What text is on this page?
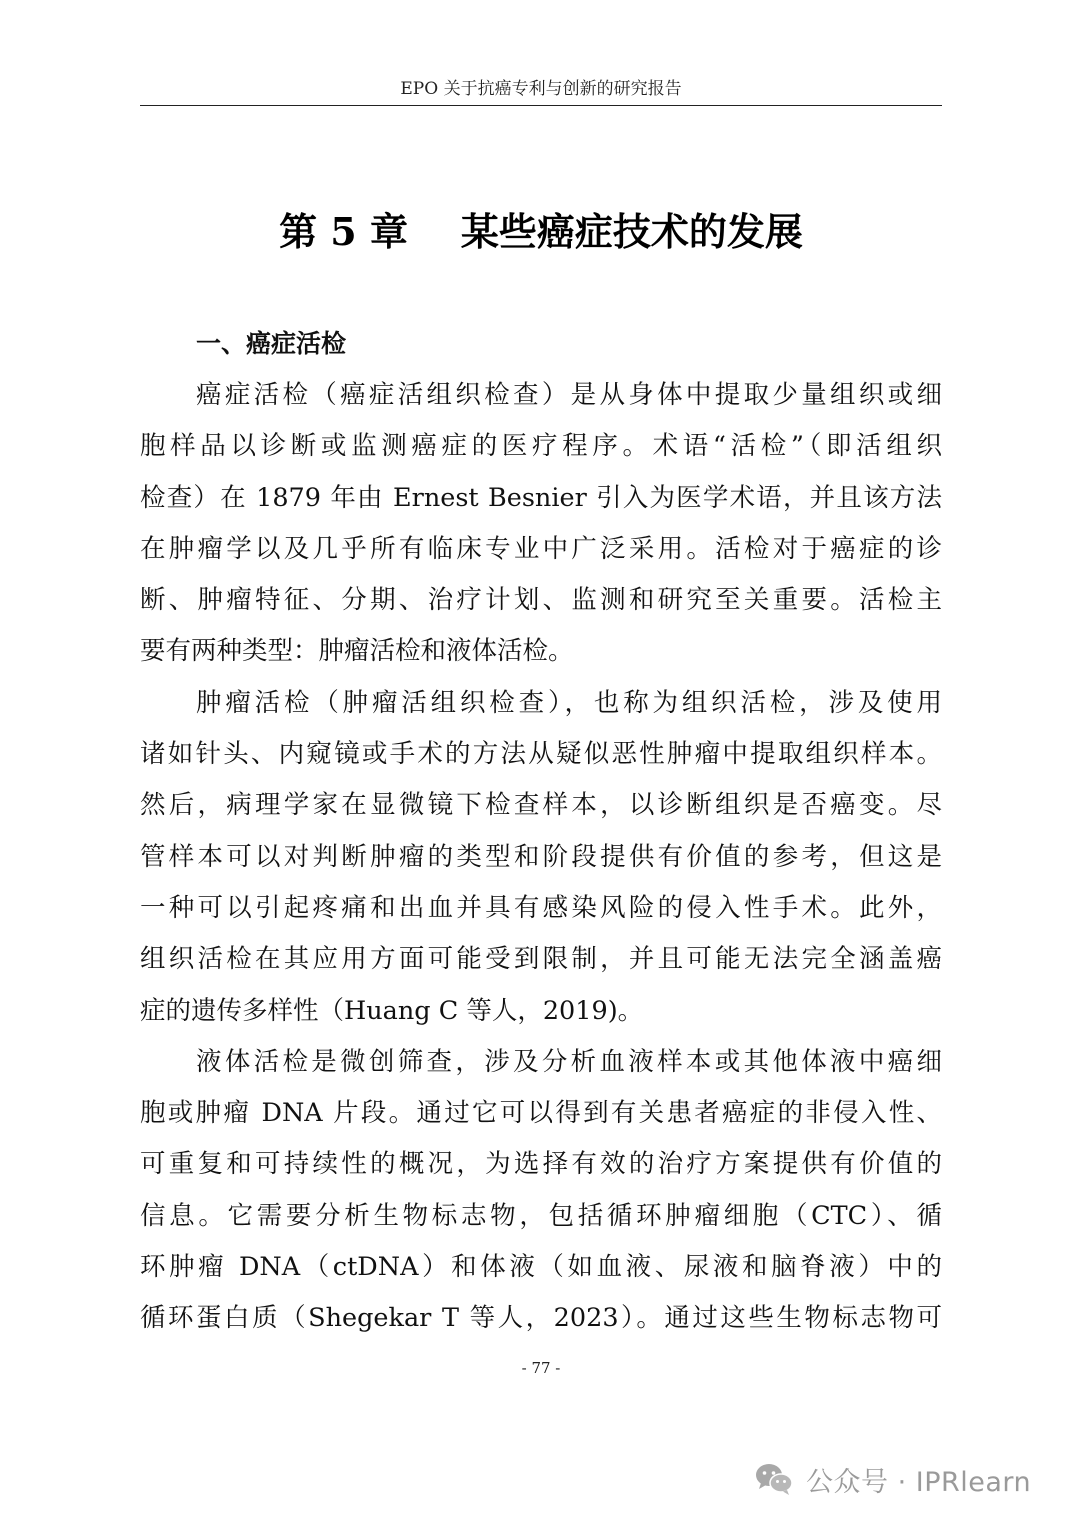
EPO 关于抗癌专利与创新的研究报告
第 5 章    某些癌症技术的发展
一、癌症活检
癌症活检（癌症活组织检查）是从身体中提取少量组织或细
胞样品以诊断或监测癌症的医疗程序。术语“活检”（即活组织
检查）在 1879 年由 Ernest Besnier 引入为医学术语，并且该方法
在肿瘤学以及几乎所有临床专业中广泛采用。活检对于癌症的诊
断、肿瘤特征、分期、治疗计划、监测和研究至关重要。活检主
要有两种类型：肿瘤活检和液体活检。
肿瘤活检（肿瘤活组织检查），也称为组织活检，涉及使用
诸如针头、内窥镜或手术的方法从疑似恶性肿瘤中提取组织样本。
然后，病理学家在显微镜下检查样本，以诊断组织是否癌变。尽
管样本可以对判断肿瘤的类型和阶段提供有价值的参考，但这是
一种可以引起疼痛和出血并具有感染风险的侵入性手术。此外，
组织活检在其应用方面可能受到限制，并且可能无法完全涵盖癌
症的遗传多样性（Huang C 等人，2019)。
液体活检是微创筛查，涉及分析血液样本或其他体液中癌细
胞或肿瘤 DNA 片段。通过它可以得到有关患者癌症的非侵入性、
可重复和可持续性的概况，为选择有效的治疗方案提供有价值的
信息。它需要分析生物标志物，包括循环肿瘤细胞（CTC）、循
环肿瘤 DNA（ctDNA）和体液（如血液、尿液和脑脊液）中的
循环蛋白质（Shegekar T 等人，2023）。通过这些生物标志物可
- 77 -
公众号 · IPRlearn
